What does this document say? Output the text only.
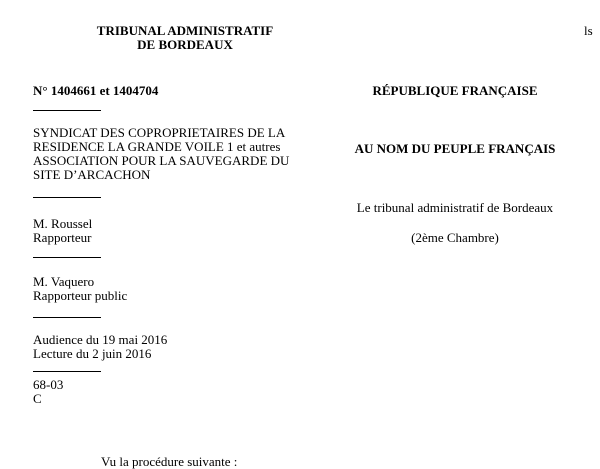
TRIBUNAL ADMINISTRATIF
DE BORDEAUX
ls
N° 1404661 et 1404704
SYNDICAT DES COPROPRIETAIRES DE LA
RESIDENCE LA GRANDE VOILE 1 et autres
ASSOCIATION POUR LA SAUVEGARDE DU
SITE D’ARCACHON
M. Roussel
Rapporteur
M. Vaquero
Rapporteur public
Audience du 19 mai 2016
Lecture du 2 juin 2016
68-03
C
RÉPUBLIQUE FRANÇAISE
AU NOM DU PEUPLE FRANÇAIS
Le tribunal administratif de Bordeaux
(2ème Chambre)
Vu la procédure suivante :
